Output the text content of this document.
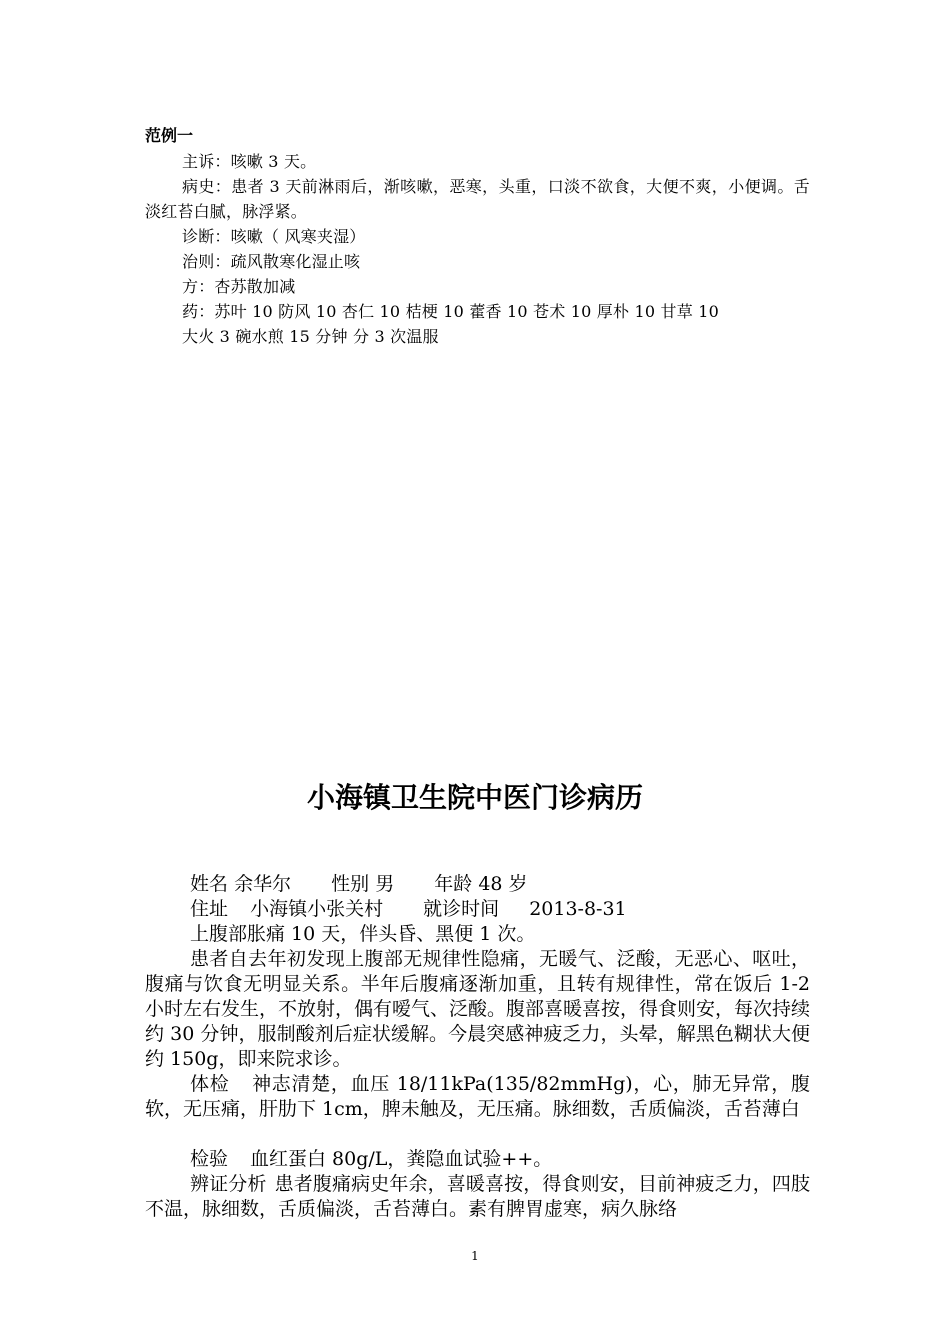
范例一
主诉：咳嗽 3 天。
病史：患者 3 天前淋雨后，渐咳嗽，恶寒，头重，口淡不欲食，大便不爽，小便调。舌淡红苔白腻，脉浮紧。
诊断：咳嗽（ 风寒夹湿）
治则：疏风散寒化湿止咳
方：杏苏散加减
药：苏叶 10 防风 10 杏仁 10 桔梗 10 藿香 10 苍术 10 厚朴 10 甘草 10
大火 3 碗水煎 15 分钟 分 3 次温服
小海镇卫生院中医门诊病历
姓名 余华尔 性别 男 年龄 48 岁
住址 小海镇小张关村 就诊时间 2013-8-31
上腹部胀痛 10 天，伴头昏、黑便 1 次。
患者自去年初发现上腹部无规律性隐痛，无暖气、泛酸，无恶心、呕吐，腹痛与饮食无明显关系。半年后腹痛逐渐加重，且转有规律性，常在饭后 1-2 小时左右发生，不放射，偶有嗳气、泛酸。腹部喜暖喜按，得食则安，每次持续约 30 分钟，服制酸剂后症状缓解。今晨突感神疲乏力，头晕，解黑色糊状大便约 150g，即来院求诊。
体检 神志清楚，血压 18/11kPa(135/82mmHg)，心，肺无异常，腹软，无压痛，肝肋下 1cm，脾未触及，无压痛。脉细数，舌质偏淡，舌苔薄白
检验 血红蛋白 80g/L，粪隐血试验++。
辨证分析 患者腹痛病史年余，喜暖喜按，得食则安，目前神疲乏力，四肢不温，脉细数，舌质偏淡，舌苔薄白。素有脾胃虚寒，病久脉络
1
